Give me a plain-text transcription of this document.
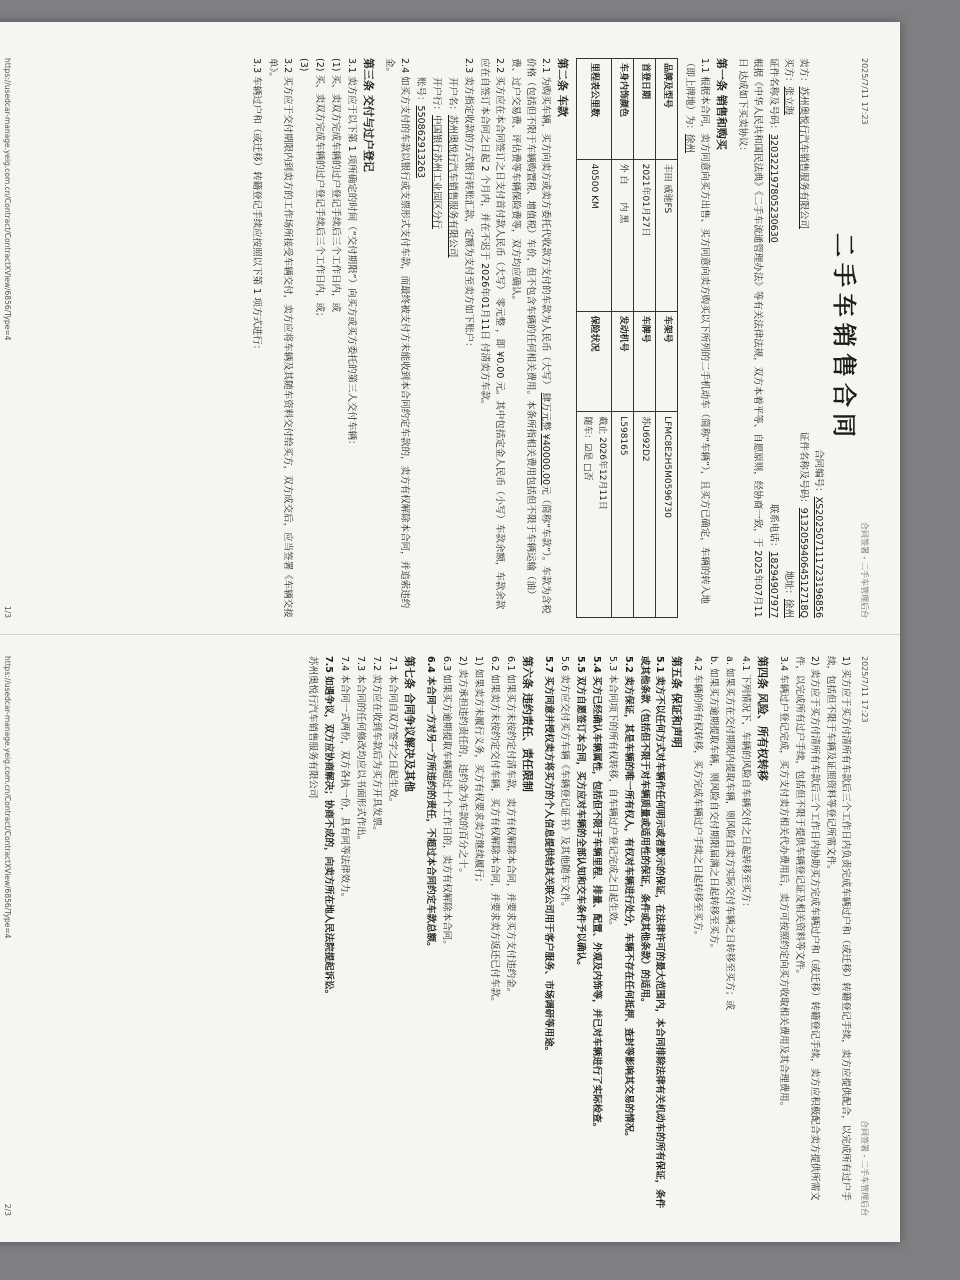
2025/7/11 17:23
合同签署 - 二手车管理后台
二手车销售合同
合同编号：XS202507111723196856
卖方：苏州奥悦行汽车销售服务有限公司
证件名称及号码：91320594064512718Q
买方：张立海
地址：徐州
证件名称及号码：320322197805230630
联系电话：18294907977

根据《中华人民共和国民法典》《二手车流通管理办法》等有关法律法规，双方本着平等、自愿原则，经协商一致，于 2025年07月11日 达成如下买卖协议：

第一条 销售和购买

1.1 根据本合同，卖方同意向买方出售、买方同意向卖方购买以下所列的二手机动车（简称“车辆”），且买方已确定，车辆的转入地（即上牌地）为：徐州

品牌及型号	丰田 威驰FS	车架号	LFMC8E2H5M0596730
首登日期	2021年01月27日	车牌号	苏U692D2
车身内饰颜色	外 白　　内 黑	发动机号	L598165
里程表公里数	40500 KM	保险状况	截止 2026年12月11日
随车：☑是 □否
第二条 车款

2.1 为购买车辆，买方向卖方或卖方委托代收款方支付的车款为人民币（大写） 肆万元整 ¥40000.00元（简称“车款”）。车款为含税价格（包括但不限于车辆购置税、增值税）车价，但不包含车辆的任何相关费用。本条所指相关费用包括但不限于车辆运输（油）费、过户交易费、评估费等车辆保险费等，双方均应确认。

2.2 买方应在本合同签订之日支付首付款人民币（大写） 零元整 ，即 ¥0.00 元。其中包括定金人民币（小写）车款余额，车款余款应在自签订本合同之日起 2 个月内，并在不迟于 2026年01月11日 付清卖方车款。

2.3 卖方指定收款的方式银行转账汇款，定额为支付至卖方如下账户：

　　开户名：苏州奥悦行汽车销售服务有限公司

　　开户行：中国银行苏州工业园区分行

　　账号：550862913263

2.4 如买方支付的车款以银行或支票形式支付车款，而最终被支付方未能收到本合同约定车款的，卖方有权解除本合同，并追索违约金。

第三条 交付与过户登记

3.1 卖方应于以下第 1 项所确定的时间（“交付期限”）向买方或买方委托的第三人交付车辆：

(1) 买、卖双方完成车辆的过户登记手续后三个工作日内，或

(2) 买、卖双方完成车辆的过户登记手续后三个工作日内，或；

(3)

3.2 买方应于交付期限内到卖方的工作场所接受车辆交付，卖方应将车辆及其随车资料交付给买方，双方成交后，应当签署《车辆交接单》。

3.3 车辆过户和（或迁移）转籍登记手续应按照以下第 1 项方式进行：

https://usedcar-manage.yeig.com.cn/Contract/ContractXView/6856/Type=4
1/3
2025/7/11 17:23
合同签署 - 二手车管理后台

1) 买方应于买方付清所有车款后三个工作日内负责完成车辆过户和（或迁移）转籍登记手续，卖方应提供配合，以完成所有过户手续，包括但不限于车辆及证照资料等登记所需文件。

2) 卖方应于买方付清所有车款后三个工作日内协助买方完成车辆过户和（或迁移）转籍登记手续，卖方应积极配合卖方提供所需文件，以完成所有过户手续，包括但不限于提供车辆登记证及相关资料等文件。

3.4 车辆过户登记完成，买方支付卖方相关代办费用后，卖方可按照约定向买方收取相关费用及其合理费用。

第四条 风险、所有权转移

4.1 下列情况下，车辆的风险自车辆交付之日起转移至买方：

a. 如果买方在交付期限内提取车辆，则风险自卖方实际交付车辆之日转移至买方；或

b. 如果买方逾期提取车辆，则风险自交付期限届满之日起转移至买方。

4.2 车辆的所有权转移，买方完成车辆过户手续之日起转移至买方。

第五条 保证和声明

5.1 卖方不以任何方式对车辆作任何明示或者默示的保证，在法律许可的最大范围内，本合同排除法律有关机动车的所有保证，条件或其他条款（包括但不限于对车辆质量或适用性的保证，条件或其他条款）的适用。

5.2 卖方保证，其是车辆的唯一所有权人，有权对车辆进行处分，车辆不存在任何抵押、查封等影响其交易的情况。

5.3 本合同项下的所有权转移，自车辆过户登记完成之日起生效。

5.4 买方已经确认车辆属性，包括但不限于车辆里程、排量、配置、外观及内饰等，并已对车辆进行了实际检查。

5.5 双方自愿签订本合同，买方应对车辆的全部认知和交车条件予以确认。

5.6 卖方应交付买方车辆《车辆登记证书》及其他随车文件。

5.7 买方同意并授权卖方将买方的个人信息提供给其关联公司用于客户服务、市场调研等用途。

第六条 违约责任、责任限制

6.1 如果买方未按约定付清车款，卖方有权解除本合同，并要求买方支付违约金。

6.2 如果卖方未按约定交付车辆，买方有权解除本合同，并要求卖方返还已付车款。

1) 如果卖方未履行义务，买方有权要求卖方继续履行；

2) 卖方承担违约责任的，违约金为车款的百分之十。

6.3 如果买方逾期提取车辆超过十个工作日的，卖方有权解除本合同。

6.4 本合同一方对另一方所违约的责任，不超过本合同约定车款总额。

第七条 合同争议解决及其他

7.1 本合同自双方签字之日起生效。

7.2 卖方应在收到车款后为买方开具发票。

7.3 本合同的任何修改均应以书面形式作出。

7.4 本合同一式两份，双方各执一份，具有同等法律效力。

7.5 如遇争议，双方应协商解决；协商不成的，向卖方所在地人民法院提起诉讼。

苏州奥悦行汽车销售服务有限公司

https://usedcar-manage.yeig.com.cn/Contract/ContractXView/6856/Type=4
2/3
